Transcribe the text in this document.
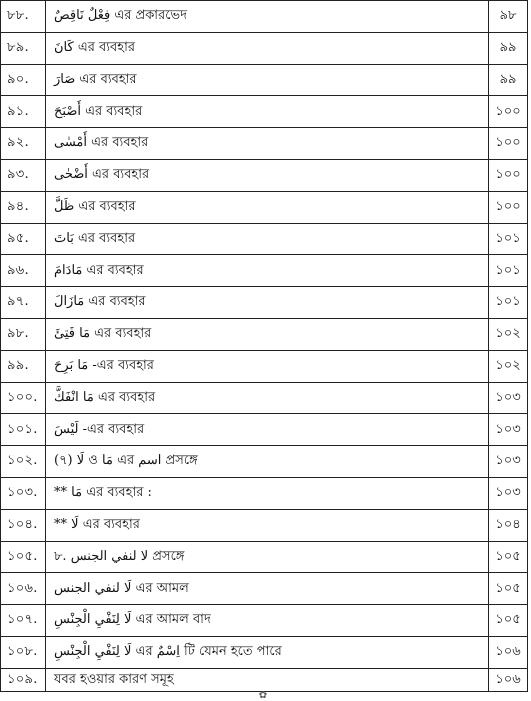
৮৮.	فِعْلٌ نَاقِصٌ এর প্রকারভেদ	৯৮
৮৯.	كَانَ এর ব্যবহার	৯৯
৯০.	صَارَ এর ব্যবহার	৯৯
৯১.	أَصْبَحَ এর ব্যবহার	১০০
৯২.	أَمْسٰى এর ব্যবহার	১০০
৯৩.	أَضْحٰى এর ব্যবহার	১০০
৯৪.	ظَلَّ এর ব্যবহার	১০০
৯৫.	بَاتَ এর ব্যবহার	১০১
৯৬.	مَادَامَ এর ব্যবহার	১০১
৯৭.	مَازَالَ এর ব্যবহার	১০১
৯৮.	مَا فَتِئَ এর ব্যবহার	১০২
৯৯.	مَا بَرِحَ -এর ব্যবহার	১০২
১০০.	مَا انْفَكَّ এর ব্যবহার	১০৩
১০১.	لَيْسَ -এর ব্যবহার	১০৩
১০২.	(৭) لَا ও مَا এর اسم প্রসঙ্গে	১০৩
১০৩.	** مَا এর ব্যবহার :	১০৩
১০৪.	** لَا এর ব্যবহার	১০৪
১০৫.	৮. لا لنفي الجنس প্রসঙ্গে	১০৫
১০৬.	لَا لنفي الجنس এর আমল	১০৫
১০৭.	لَا لِنَفْيِ الْجِنْسِ এর আমল বাদ	১০৫
১০৮.	لَا لِنَفْيِ الْجِنْسِ এর اِسْمٌ টি যেমন হতে পারে	১০৬
১০৯.	যবর হওয়ার কারণ সমূহ	১০৬
✿
